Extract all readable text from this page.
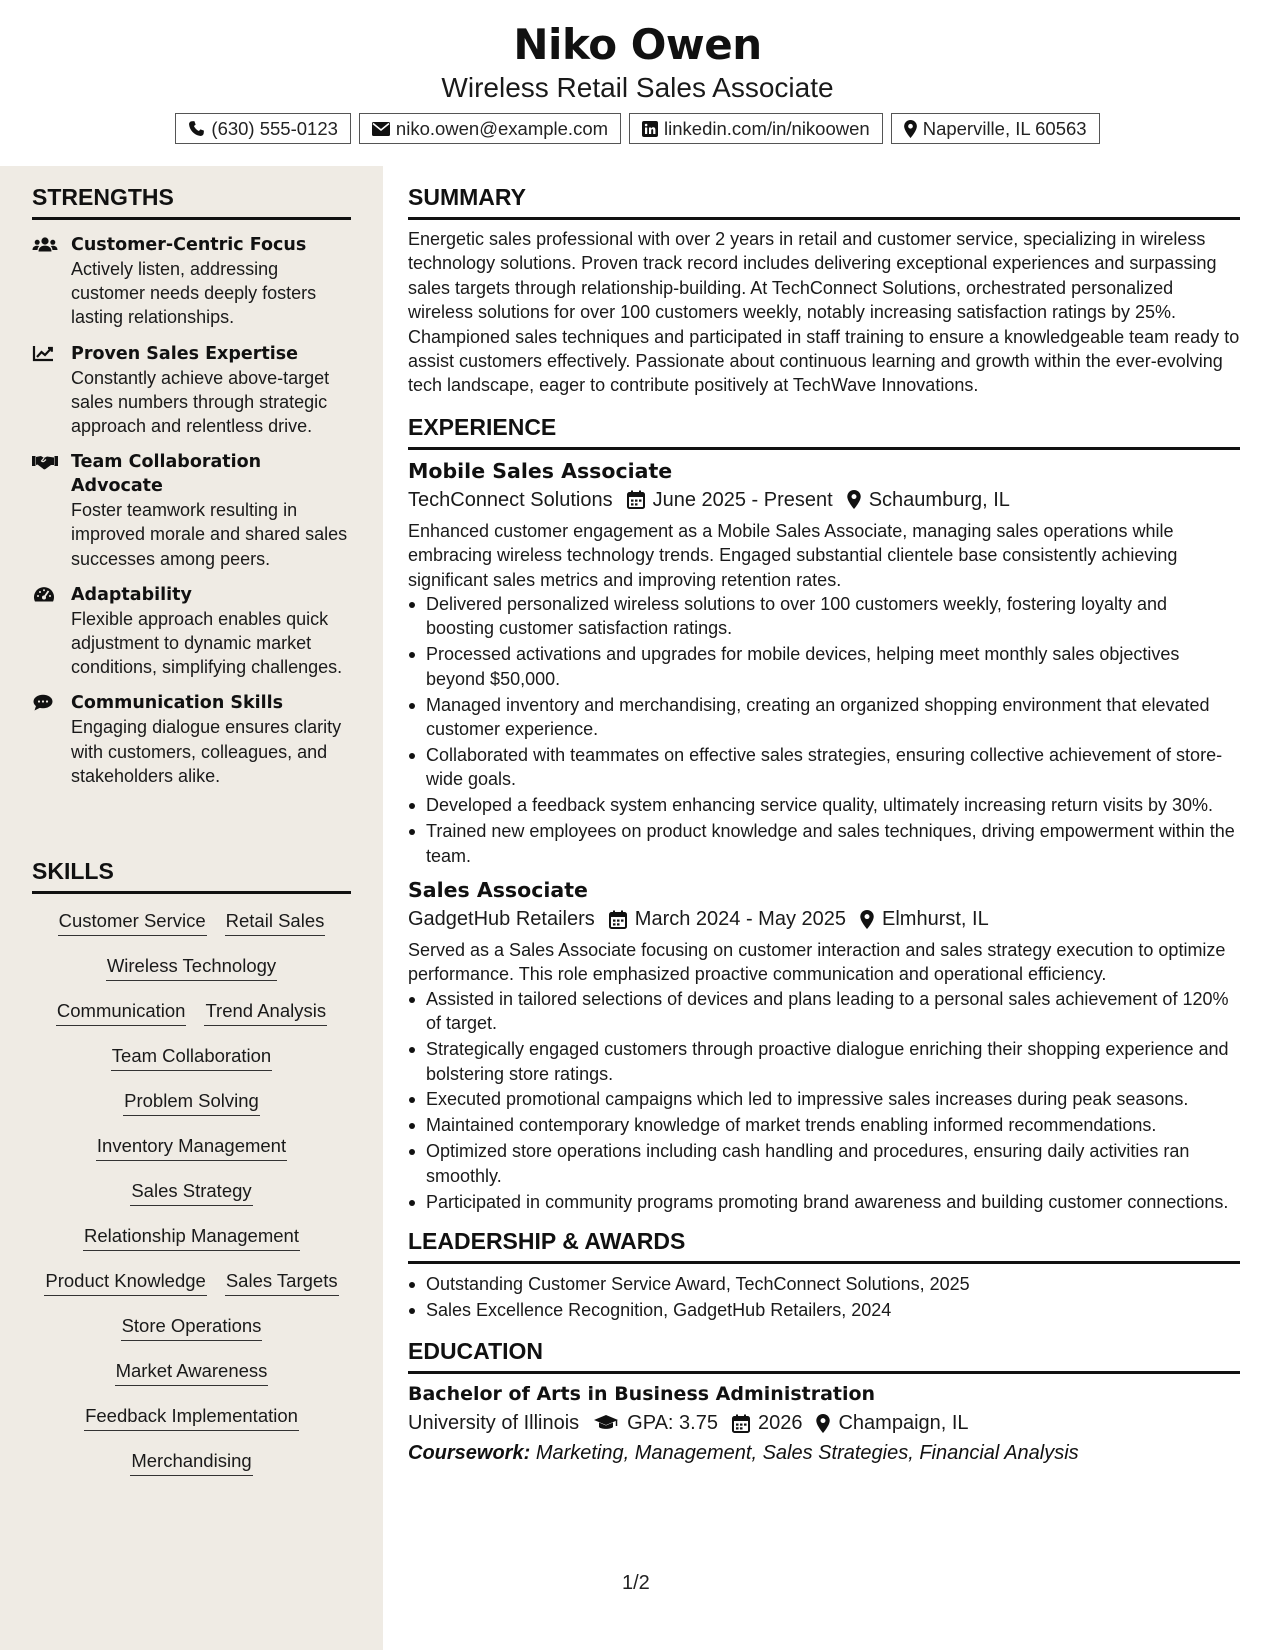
Niko Owen
Wireless Retail Sales Associate
(630) 555-0123	niko.owen@example.com	linkedin.com/in/nikoowen	Naperville, IL 60563
STRENGTHS
Customer-Centric Focus
Actively listen, addressing customer needs deeply fosters lasting relationships.
Proven Sales Expertise
Constantly achieve above-target sales numbers through strategic approach and relentless drive.
Team Collaboration Advocate
Foster teamwork resulting in improved morale and shared sales successes among peers.
Adaptability
Flexible approach enables quick adjustment to dynamic market conditions, simplifying challenges.
Communication Skills
Engaging dialogue ensures clarity with customers, colleagues, and stakeholders alike.
SKILLS
Customer Service Retail Sales
Wireless Technology
Communication Trend Analysis
Team Collaboration
Problem Solving
Inventory Management
Sales Strategy
Relationship Management
Product Knowledge Sales Targets
Store Operations
Market Awareness
Feedback Implementation
Merchandising
SUMMARY
Energetic sales professional with over 2 years in retail and customer service, specializing in wireless technology solutions. Proven track record includes delivering exceptional experiences and surpassing sales targets through relationship-building. At TechConnect Solutions, orchestrated personalized wireless solutions for over 100 customers weekly, notably increasing satisfaction ratings by 25%. Championed sales techniques and participated in staff training to ensure a knowledgeable team ready to assist customers effectively. Passionate about continuous learning and growth within the ever-evolving tech landscape, eager to contribute positively at TechWave Innovations.
EXPERIENCE
Mobile Sales Associate
TechConnect Solutions June 2025 - Present Schaumburg, IL
Enhanced customer engagement as a Mobile Sales Associate, managing sales operations while embracing wireless technology trends. Engaged substantial clientele base consistently achieving significant sales metrics and improving retention rates.
Delivered personalized wireless solutions to over 100 customers weekly, fostering loyalty and boosting customer satisfaction ratings.
Processed activations and upgrades for mobile devices, helping meet monthly sales objectives beyond $50,000.
Managed inventory and merchandising, creating an organized shopping environment that elevated customer experience.
Collaborated with teammates on effective sales strategies, ensuring collective achievement of store-wide goals.
Developed a feedback system enhancing service quality, ultimately increasing return visits by 30%.
Trained new employees on product knowledge and sales techniques, driving empowerment within the team.
Sales Associate
GadgetHub Retailers March 2024 - May 2025 Elmhurst, IL
Served as a Sales Associate focusing on customer interaction and sales strategy execution to optimize performance. This role emphasized proactive communication and operational efficiency.
Assisted in tailored selections of devices and plans leading to a personal sales achievement of 120% of target.
Strategically engaged customers through proactive dialogue enriching their shopping experience and bolstering store ratings.
Executed promotional campaigns which led to impressive sales increases during peak seasons.
Maintained contemporary knowledge of market trends enabling informed recommendations.
Optimized store operations including cash handling and procedures, ensuring daily activities ran smoothly.
Participated in community programs promoting brand awareness and building customer connections.
LEADERSHIP & AWARDS
Outstanding Customer Service Award, TechConnect Solutions, 2025
Sales Excellence Recognition, GadgetHub Retailers, 2024
EDUCATION
Bachelor of Arts in Business Administration
University of Illinois GPA: 3.75 2026 Champaign, IL
Coursework: Marketing, Management, Sales Strategies, Financial Analysis
1/2
